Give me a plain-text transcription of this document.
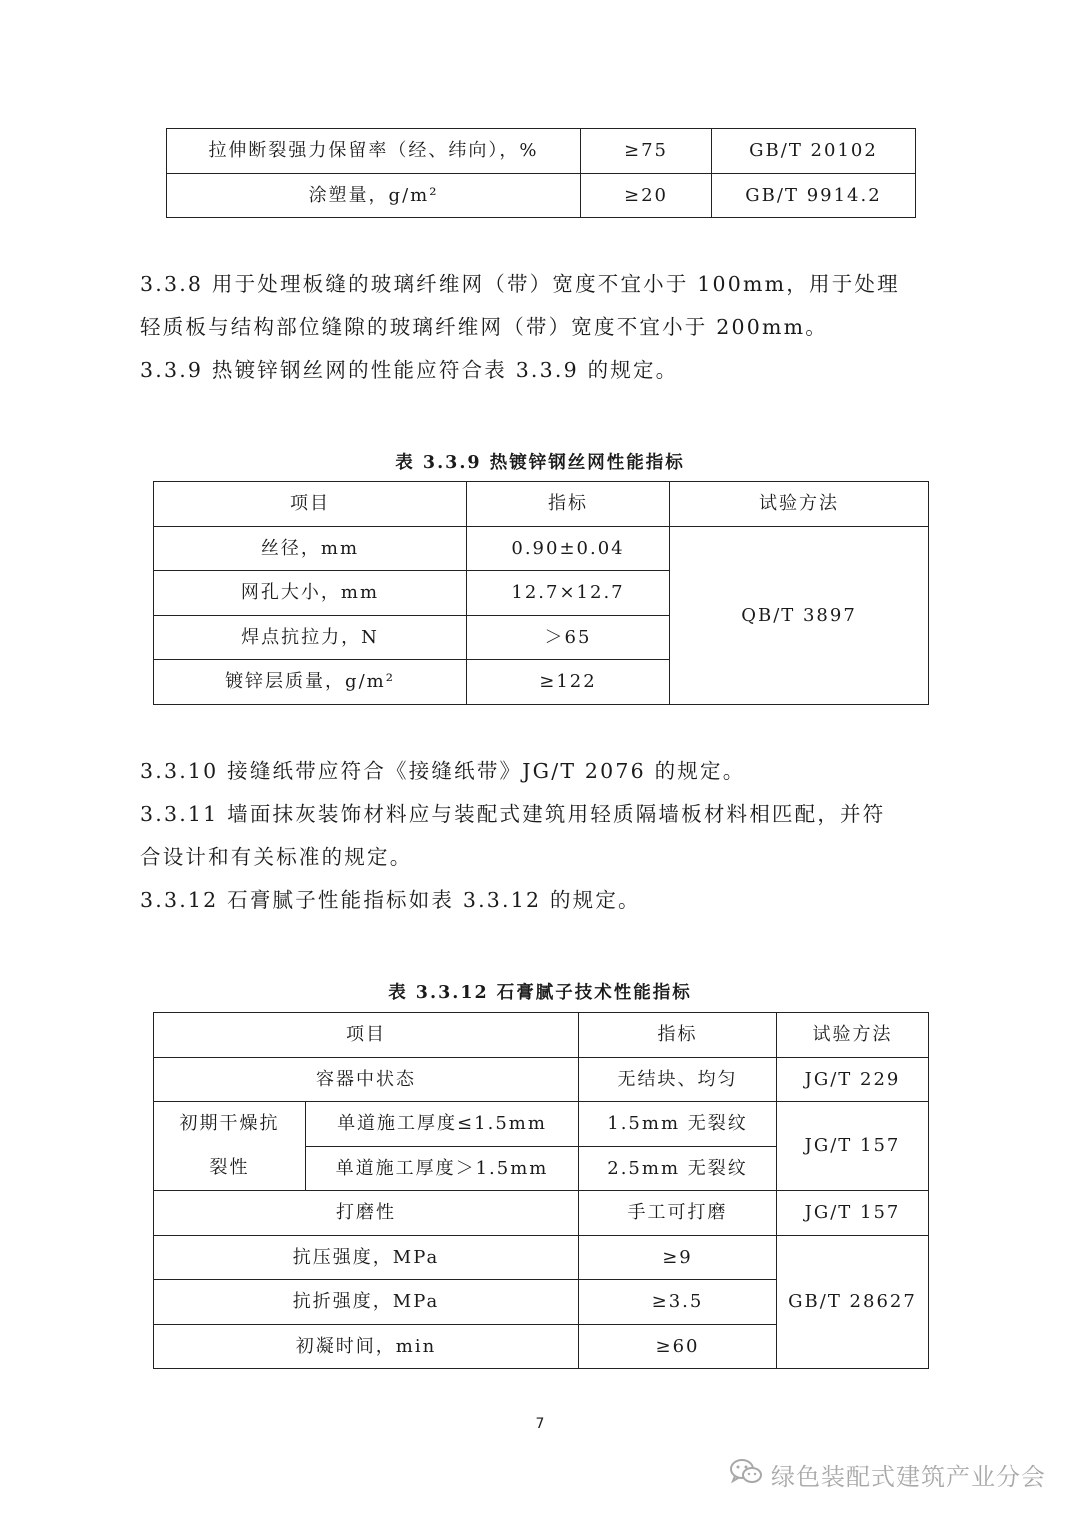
拉伸断裂强力保留率（经、纬向），%	≥75	GB/T 20102
涂塑量，g/m²	≥20	GB/T 9914.2
3.3.8 用于处理板缝的玻璃纤维网（带）宽度不宜小于 100mm，用于处理
轻质板与结构部位缝隙的玻璃纤维网（带）宽度不宜小于 200mm。
3.3.9 热镀锌钢丝网的性能应符合表 3.3.9 的规定。
表 3.3.9 热镀锌钢丝网性能指标
项目	指标	试验方法
丝径，mm	0.90±0.04	QB/T 3897
网孔大小，mm	12.7×12.7	
焊点抗拉力，N	＞65	
镀锌层质量，g/m²	≥122	
3.3.10 接缝纸带应符合《接缝纸带》JG/T 2076 的规定。
3.3.11 墙面抹灰装饰材料应与装配式建筑用轻质隔墙板材料相匹配，并符
合设计和有关标准的规定。
3.3.12 石膏腻子性能指标如表 3.3.12 的规定。
表 3.3.12 石膏腻子技术性能指标
项目		指标	试验方法
容器中状态		无结块、均匀	JG/T 229
初期干燥抗
裂性	单道施工厚度≤1.5mm	1.5mm 无裂纹	JG/T 157
	单道施工厚度＞1.5mm	2.5mm 无裂纹	
打磨性		手工可打磨	JG/T 157
抗压强度，MPa		≥9	GB/T 28627
抗折强度，MPa		≥3.5	
初凝时间，min		≥60	
7
绿色装配式建筑产业分会
